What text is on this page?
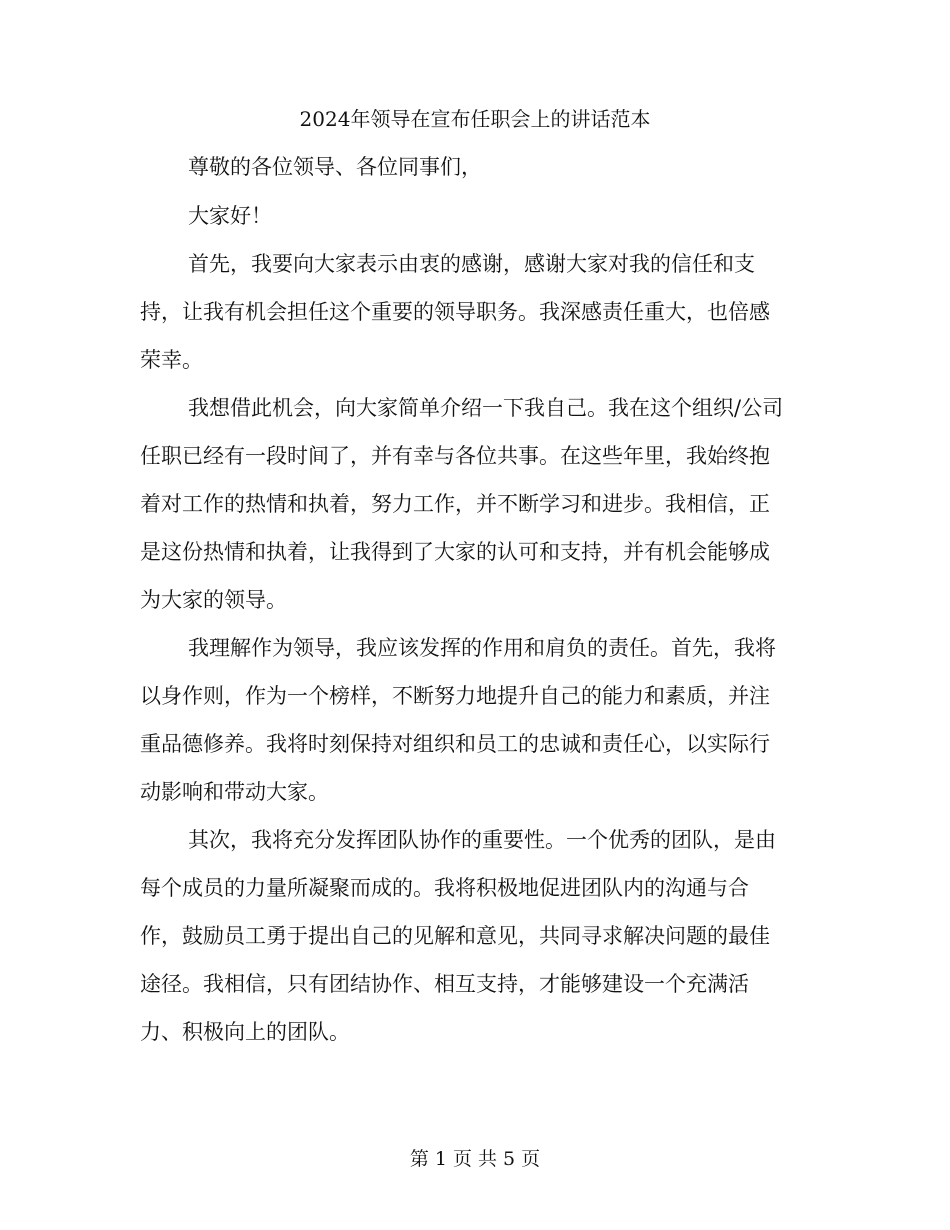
2024年领导在宣布任职会上的讲话范本
尊敬的各位领导、各位同事们，
大家好！
首先，我要向大家表示由衷的感谢，感谢大家对我的信任和支
持，让我有机会担任这个重要的领导职务。我深感责任重大，也倍感
荣幸。
我想借此机会，向大家简单介绍一下我自己。我在这个组织/公司
任职已经有一段时间了，并有幸与各位共事。在这些年里，我始终抱
着对工作的热情和执着，努力工作，并不断学习和进步。我相信，正
是这份热情和执着，让我得到了大家的认可和支持，并有机会能够成
为大家的领导。
我理解作为领导，我应该发挥的作用和肩负的责任。首先，我将
以身作则，作为一个榜样，不断努力地提升自己的能力和素质，并注
重品德修养。我将时刻保持对组织和员工的忠诚和责任心，以实际行
动影响和带动大家。
其次，我将充分发挥团队协作的重要性。一个优秀的团队，是由
每个成员的力量所凝聚而成的。我将积极地促进团队内的沟通与合
作，鼓励员工勇于提出自己的见解和意见，共同寻求解决问题的最佳
途径。我相信，只有团结协作、相互支持，才能够建设一个充满活
力、积极向上的团队。
第 1 页 共 5 页
